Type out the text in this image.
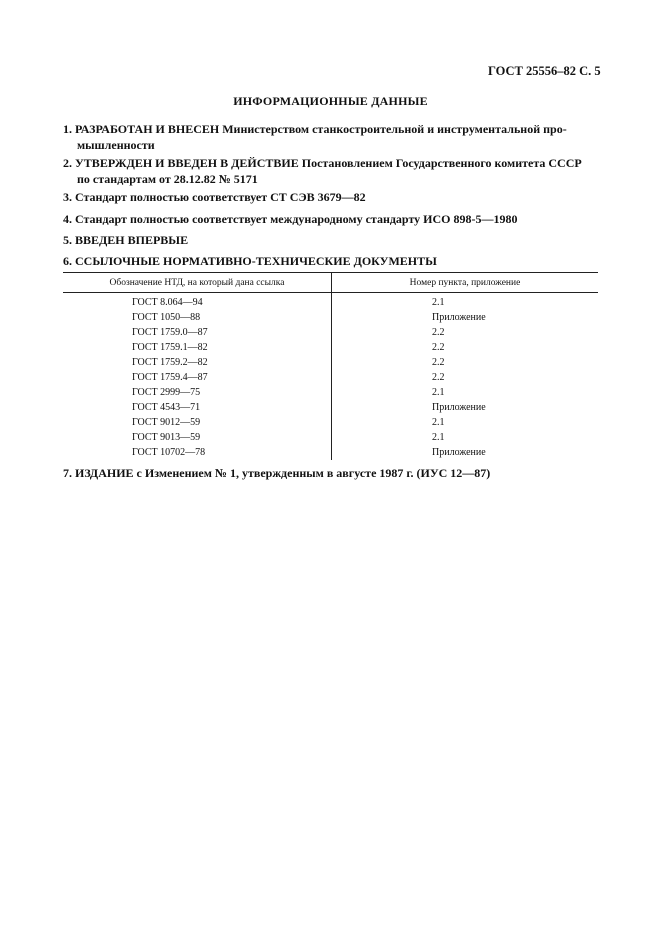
ГОСТ 25556–82 С. 5
ИНФОРМАЦИОННЫЕ ДАННЫЕ
1. РАЗРАБОТАН И ВНЕСЕН Министерством станкостроительной и инструментальной про-
мышленности
2. УТВЕРЖДЕН И ВВЕДЕН В ДЕЙСТВИЕ Постановлением Государственного комитета СССР
по стандартам от 28.12.82 № 5171
3. Стандарт полностью соответствует СТ СЭВ 3679—82
4. Стандарт полностью соответствует международному стандарту ИСО 898-5—1980
5. ВВЕДЕН ВПЕРВЫЕ
6. ССЫЛОЧНЫЕ НОРМАТИВНО-ТЕХНИЧЕСКИЕ ДОКУМЕНТЫ
Обозначение НТД, на который дана ссылка	Номер пункта, приложение
ГОСТ 8.064—94	2.1
ГОСТ 1050—88	Приложение
ГОСТ 1759.0—87	2.2
ГОСТ 1759.1—82	2.2
ГОСТ 1759.2—82	2.2
ГОСТ 1759.4—87	2.2
ГОСТ 2999—75	2.1
ГОСТ 4543—71	Приложение
ГОСТ 9012—59	2.1
ГОСТ 9013—59	2.1
ГОСТ 10702—78	Приложение
7. ИЗДАНИЕ с Изменением № 1, утвержденным в августе 1987 г. (ИУС 12—87)
